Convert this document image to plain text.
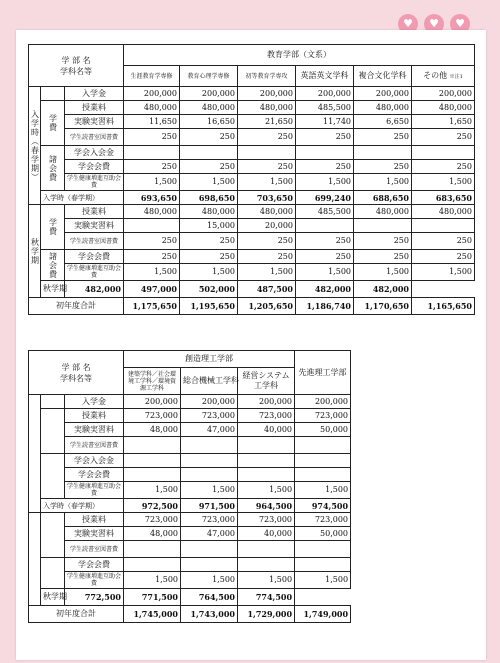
♥	♥	♥
学 部 名
学科名等			教育学部（文系）					
			生涯教育学専修	教育心理学専修	初等教育学専攻	英語英文学科	複合文化学科	その他 ※注1
入学時（春学期）		入学金	200,000	200,000	200,000	200,000	200,000	200,000
	学費	授業料	480,000	480,000	480,000	485,500	480,000	480,000
		実験実習料	11,650	16,650	21,650	11,740	6,650	1,650
		学生読書室図書費	250	250	250	250	250	250
	諸会費	学会入会金						
		学会会費	250	250	250	250	250	250
		学生健康増進互助会費	1,500	1,500	1,500	1,500	1,500	1,500
	入学時（春学期）		693,650	698,650	703,650	699,240	688,650	683,650
秋学期	学費	授業料	480,000	480,000	480,000	485,500	480,000	480,000
		実験実習料		15,000	20,000			
		学生読書室図書費	250	250	250	250	250	250
	諸会費	学会会費	250	250	250	250	250	250
		学生健康増進互助会費	1,500	1,500	1,500	1,500	1,500	1,500
	秋学期	482,000	497,000	502,000	487,500	482,000	482,000	
初年度合計			1,175,650	1,195,650	1,205,650	1,186,740	1,170,650	1,165,650
学 部 名
学科名等			創造理工学部			先進理工学部
			建築学科／社会環境工学科／環境資源工学科	総合機械工学科	経営システム工学科	
		入学金	200,000	200,000	200,000	200,000
		授業料	723,000	723,000	723,000	723,000
		実験実習料	48,000	47,000	40,000	50,000
		学生読書室図書費				
		学会入会金				
		学会会費				
		学生健康増進互助会費	1,500	1,500	1,500	1,500
	入学時（春学期）		972,500	971,500	964,500	974,500
		授業料	723,000	723,000	723,000	723,000
		実験実習料	48,000	47,000	40,000	50,000
		学生読書室図書費				
		学会会費				
		学生健康増進互助会費	1,500	1,500	1,500	1,500
	秋学期	772,500	771,500	764,500	774,500	
初年度合計			1,745,000	1,743,000	1,729,000	1,749,000
